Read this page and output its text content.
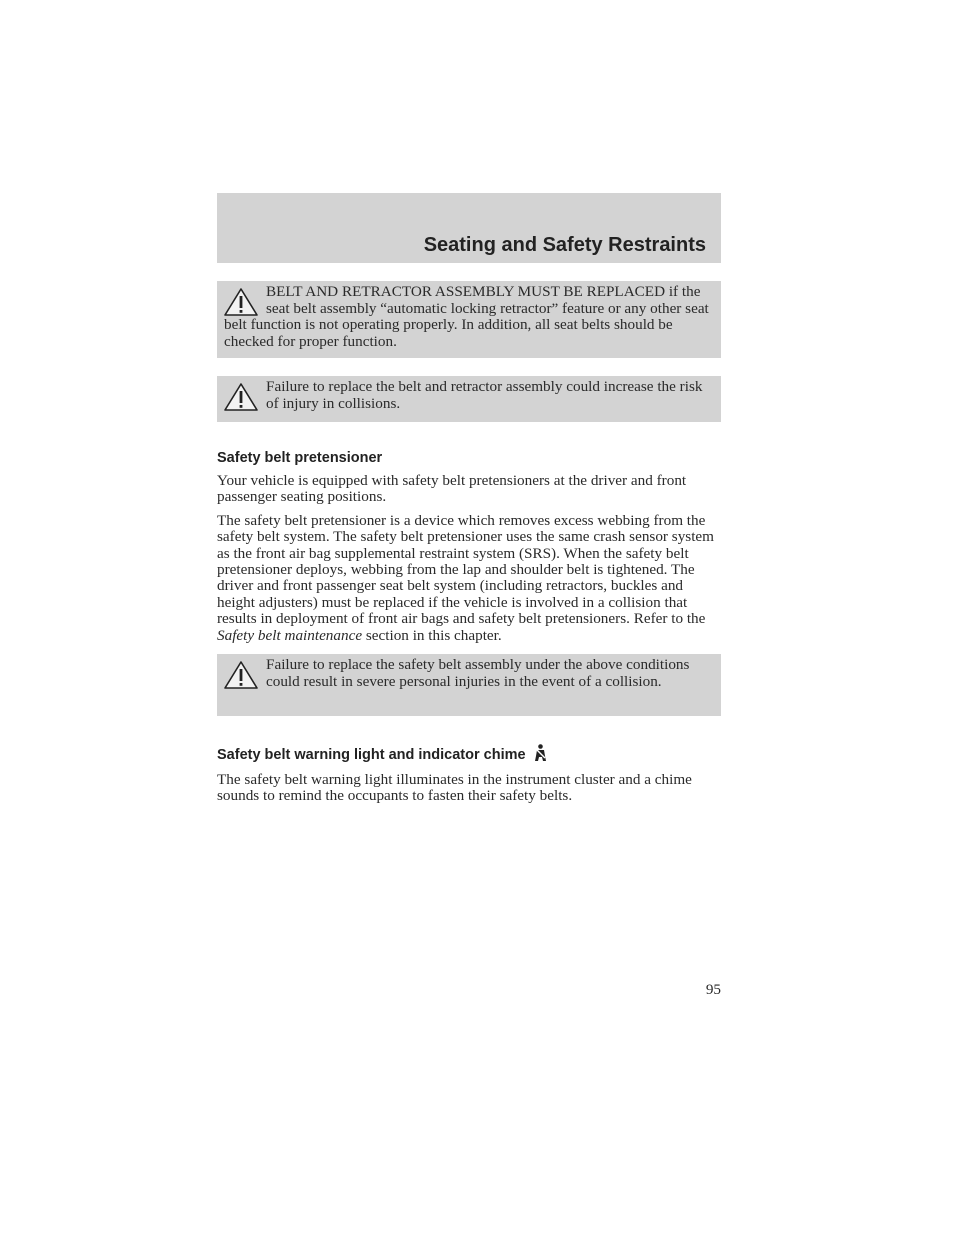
Seating and Safety Restraints
BELT AND RETRACTOR ASSEMBLY MUST BE REPLACED if the seat belt assembly “automatic locking retractor” feature or any other seat belt function is not operating properly. In addition, all seat belts should be checked for proper function.
Failure to replace the belt and retractor assembly could increase the risk of injury in collisions.
Safety belt pretensioner

Your vehicle is equipped with safety belt pretensioners at the driver and front passenger seating positions.

The safety belt pretensioner is a device which removes excess webbing from the safety belt system. The safety belt pretensioner uses the same crash sensor system as the front air bag supplemental restraint system (SRS). When the safety belt pretensioner deploys, webbing from the lap and shoulder belt is tightened. The driver and front passenger seat belt system (including retractors, buckles and height adjusters) must be replaced if the vehicle is involved in a collision that results in deployment of front air bags and safety belt pretensioners. Refer to the Safety belt maintenance section in this chapter.

Failure to replace the safety belt assembly under the above conditions could result in severe personal injuries in the event of a collision.
Safety belt warning light and indicator chime

The safety belt warning light illuminates in the instrument cluster and a chime sounds to remind the occupants to fasten their safety belts.

95
